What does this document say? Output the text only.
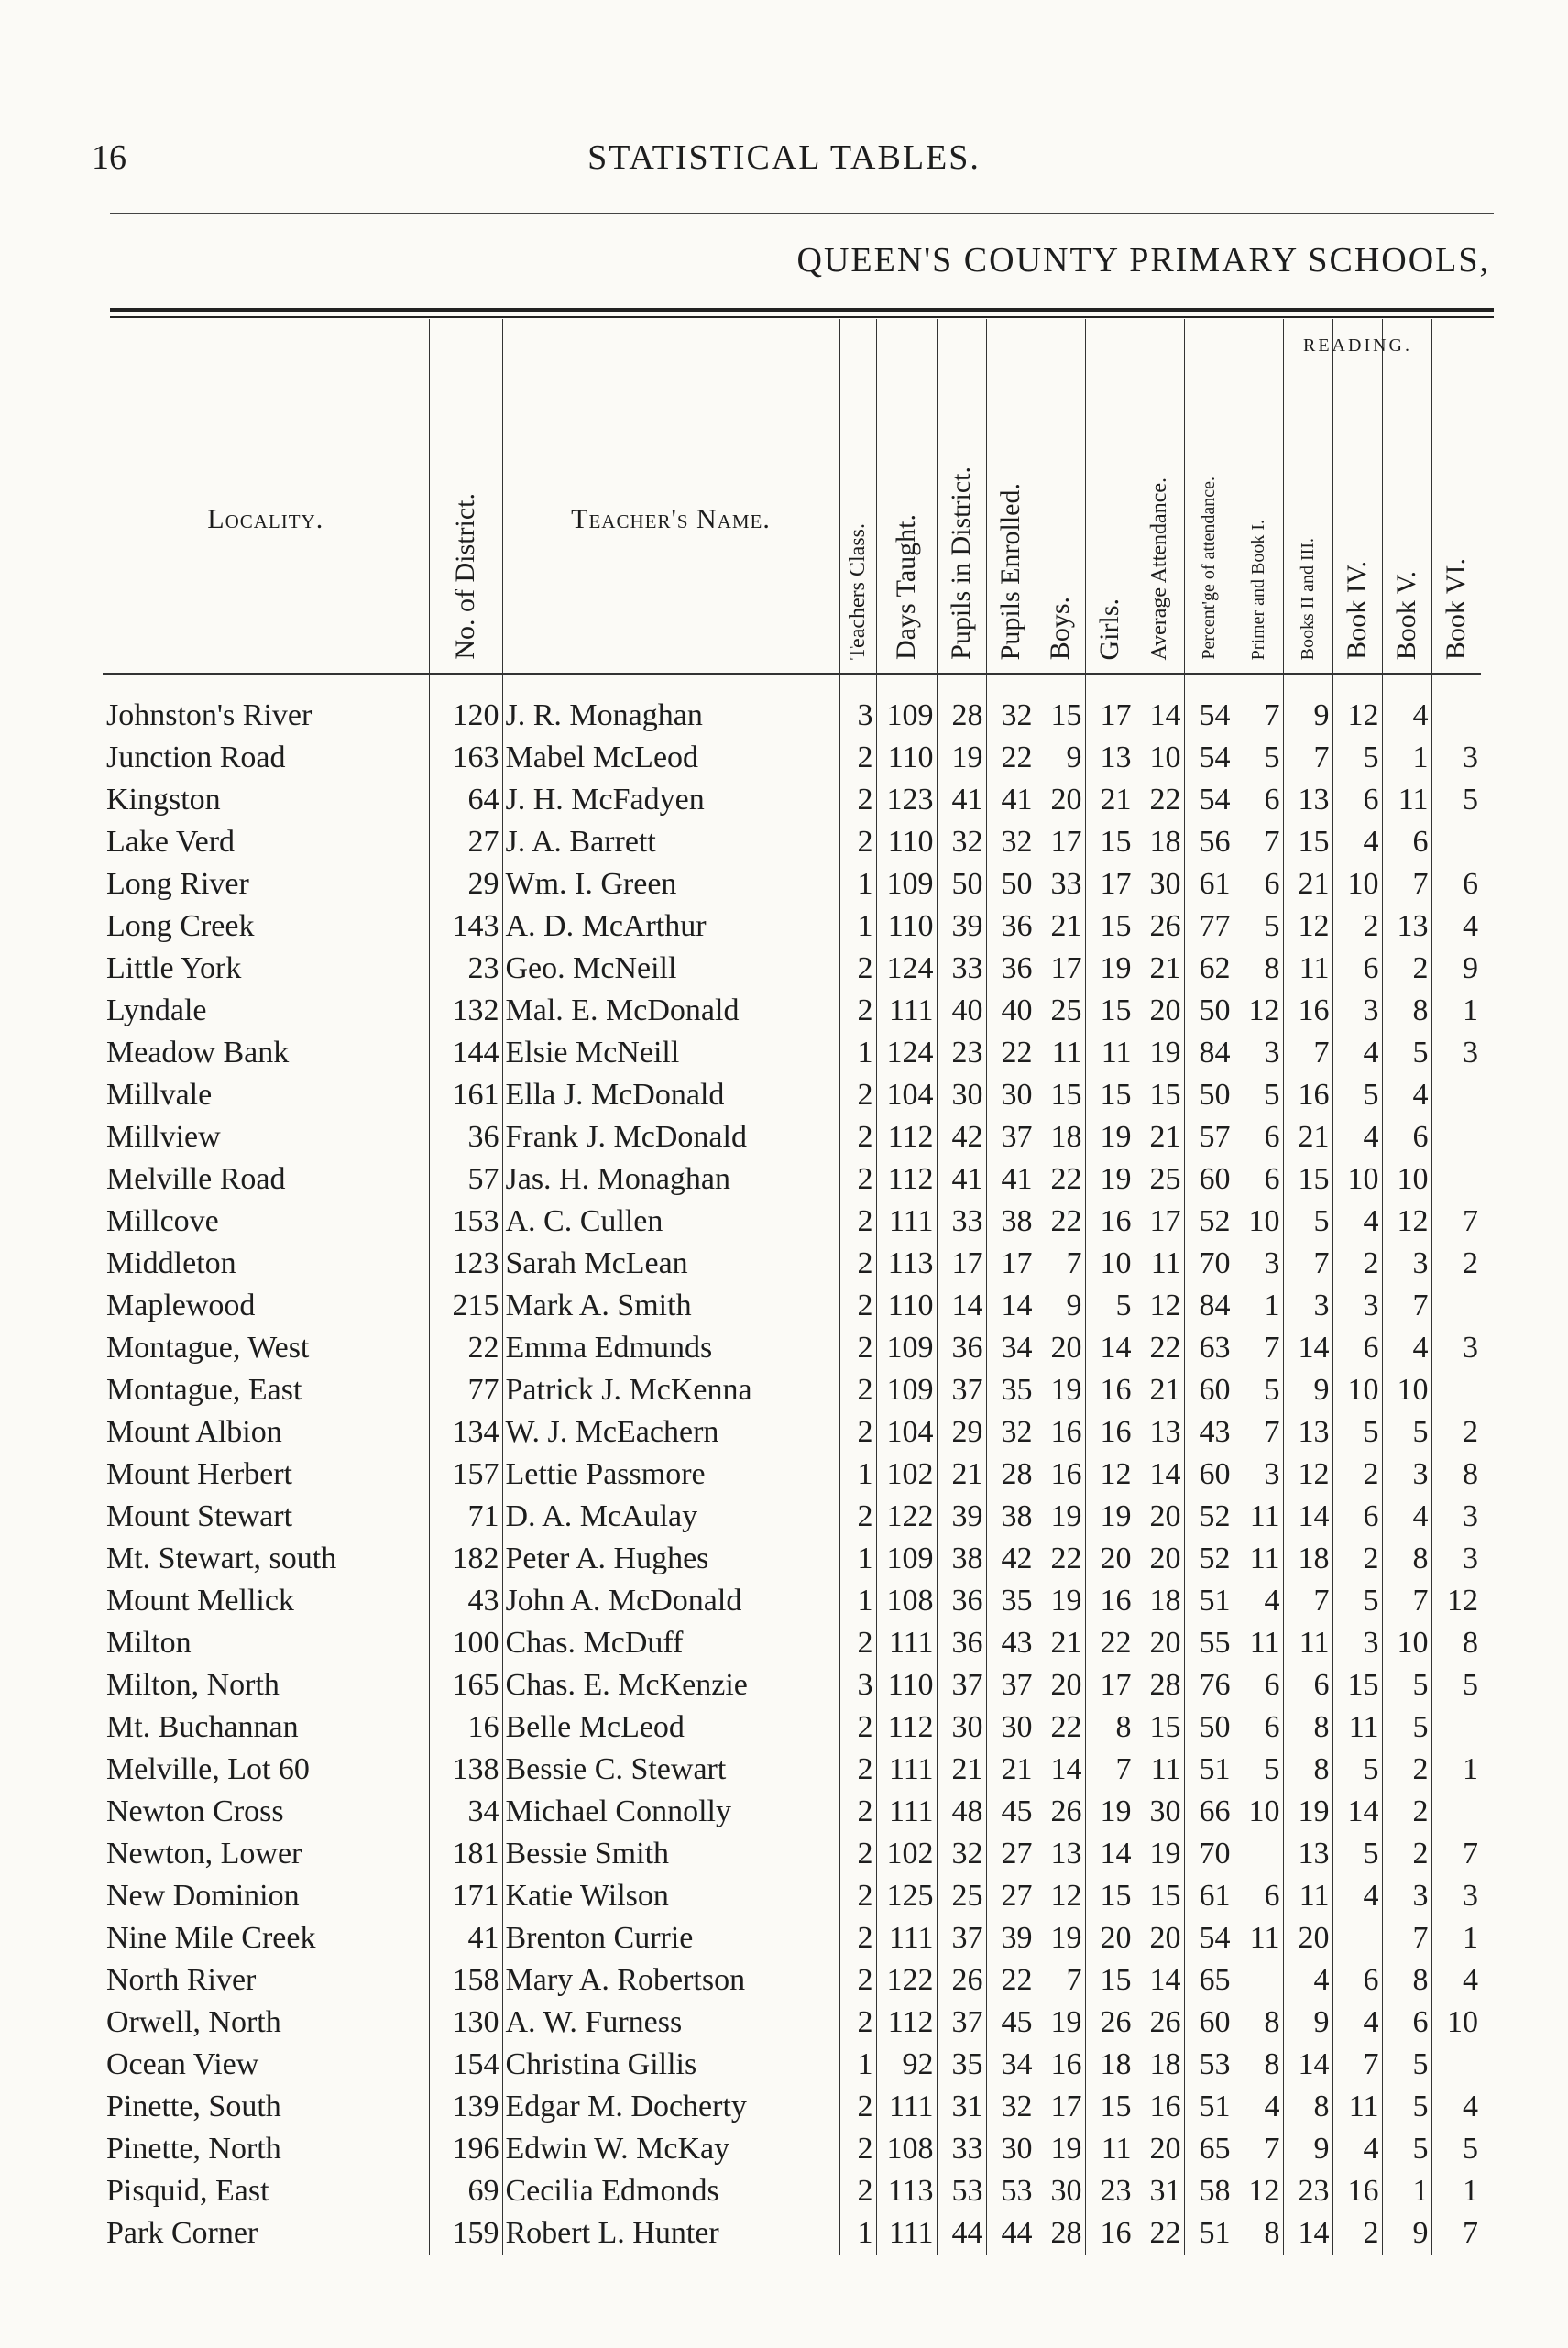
16	STATISTICAL TABLES.
QUEEN'S COUNTY PRIMARY SCHOOLS,
Locality.	No. of District.	Teacher's Name.	Teachers Class.	Days Taught.	Pupils in District.	Pupils Enrolled.	Boys.	Girls.	Average Attendance.	Percent'ge of attendance.	READING.
Primer and Book I.	Books II and III.	Book IV.	Book V.	Book VI.

Johnston's River	120	J. R. Monaghan	3	109	28	32	15	17	14	54	7	9	12	4	
Junction Road	163	Mabel McLeod	2	110	19	22	9	13	10	54	5	7	5	1	3
Kingston	64	J. H. McFadyen	2	123	41	41	20	21	22	54	6	13	6	11	5
Lake Verd	27	J. A. Barrett	2	110	32	32	17	15	18	56	7	15	4	6	
Long River	29	Wm. I. Green	1	109	50	50	33	17	30	61	6	21	10	7	6
Long Creek	143	A. D. McArthur	1	110	39	36	21	15	26	77	5	12	2	13	4
Little York	23	Geo. McNeill	2	124	33	36	17	19	21	62	8	11	6	2	9
Lyndale	132	Mal. E. McDonald	2	111	40	40	25	15	20	50	12	16	3	8	1
Meadow Bank	144	Elsie McNeill	1	124	23	22	11	11	19	84	3	7	4	5	3
Millvale	161	Ella J. McDonald	2	104	30	30	15	15	15	50	5	16	5	4	
Millview	36	Frank J. McDonald	2	112	42	37	18	19	21	57	6	21	4	6	
Melville Road	57	Jas. H. Monaghan	2	112	41	41	22	19	25	60	6	15	10	10	
Millcove	153	A. C. Cullen	2	111	33	38	22	16	17	52	10	5	4	12	7
Middleton	123	Sarah McLean	2	113	17	17	7	10	11	70	3	7	2	3	2
Maplewood	215	Mark A. Smith	2	110	14	14	9	5	12	84	1	3	3	7	
Montague, West	22	Emma Edmunds	2	109	36	34	20	14	22	63	7	14	6	4	3
Montague, East	77	Patrick J. McKenna	2	109	37	35	19	16	21	60	5	9	10	10	
Mount Albion	134	W. J. McEachern	2	104	29	32	16	16	13	43	7	13	5	5	2
Mount Herbert	157	Lettie Passmore	1	102	21	28	16	12	14	60	3	12	2	3	8
Mount Stewart	71	D. A. McAulay	2	122	39	38	19	19	20	52	11	14	6	4	3
Mt. Stewart, south	182	Peter A. Hughes	1	109	38	42	22	20	20	52	11	18	2	8	3
Mount Mellick	43	John A. McDonald	1	108	36	35	19	16	18	51	4	7	5	7	12
Milton	100	Chas. McDuff	2	111	36	43	21	22	20	55	11	11	3	10	8
Milton, North	165	Chas. E. McKenzie	3	110	37	37	20	17	28	76	6	6	15	5	5
Mt. Buchannan	16	Belle McLeod	2	112	30	30	22	8	15	50	6	8	11	5	
Melville, Lot 60	138	Bessie C. Stewart	2	111	21	21	14	7	11	51	5	8	5	2	1
Newton Cross	34	Michael Connolly	2	111	48	45	26	19	30	66	10	19	14	2	
Newton, Lower	181	Bessie Smith	2	102	32	27	13	14	19	70		13	5	2	7
New Dominion	171	Katie Wilson	2	125	25	27	12	15	15	61	6	11	4	3	3
Nine Mile Creek	41	Brenton Currie	2	111	37	39	19	20	20	54	11	20		7	1
North River	158	Mary A. Robertson	2	122	26	22	7	15	14	65		4	6	8	4
Orwell, North	130	A. W. Furness	2	112	37	45	19	26	26	60	8	9	4	6	10
Ocean View	154	Christina Gillis	1	92	35	34	16	18	18	53	8	14	7	5	
Pinette, South	139	Edgar M. Docherty	2	111	31	32	17	15	16	51	4	8	11	5	4
Pinette, North	196	Edwin W. McKay	2	108	33	30	19	11	20	65	7	9	4	5	5
Pisquid, East	69	Cecilia Edmonds	2	113	53	53	30	23	31	58	12	23	16	1	1
Park Corner	159	Robert L. Hunter	1	111	44	44	28	16	22	51	8	14	2	9	7
